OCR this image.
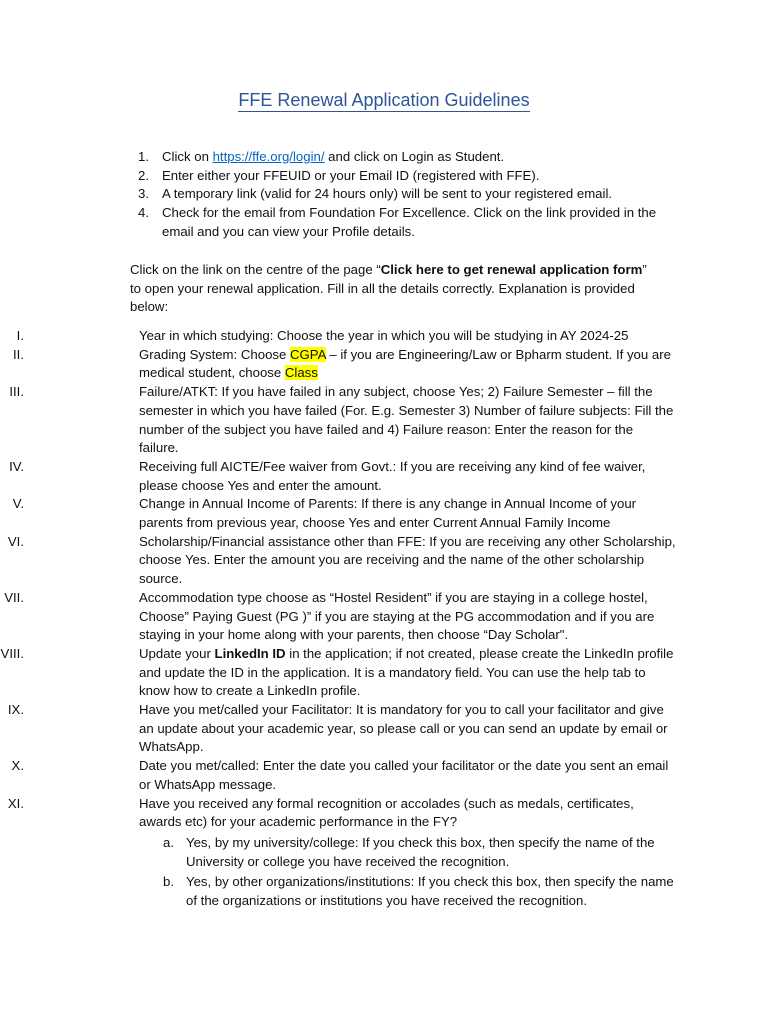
FFE Renewal Application Guidelines
1. Click on https://ffe.org/login/ and click on Login as Student.
2. Enter either your FFEUID or your Email ID (registered with FFE).
3. A temporary link (valid for 24 hours only) will be sent to your registered email.
4. Check for the email from Foundation For Excellence. Click on the link provided in the email and you can view your Profile details.

Click on the link on the centre of the page “Click here to get renewal application form” to open your renewal application. Fill in all the details correctly. Explanation is provided below:

I.	Year in which studying: Choose the year in which you will be studying in AY 2024-25
II.	Grading System: Choose CGPA – if you are Engineering/Law or Bpharm student. If you are medical student, choose Class
III.	Failure/ATKT: If you have failed in any subject, choose Yes; 2) Failure Semester – fill the semester in which you have failed (For. E.g. Semester 3) Number of failure subjects: Fill the number of the subject you have failed and 4) Failure reason: Enter the reason for the failure.
IV.	Receiving full AICTE/Fee waiver from Govt.: If you are receiving any kind of fee waiver, please choose Yes and enter the amount.
V.	Change in Annual Income of Parents: If there is any change in Annual Income of your parents from previous year, choose Yes and enter Current Annual Family Income
VI.	Scholarship/Financial assistance other than FFE: If you are receiving any other Scholarship, choose Yes. Enter the amount you are receiving and the name of the other scholarship source.
VII.	Accommodation type choose as “Hostel Resident” if you are staying in a college hostel, Choose” Paying Guest (PG )” if you are staying at the PG accommodation and if you are staying in your home along with your parents, then choose “Day Scholar".
VIII.	Update your LinkedIn ID in the application; if not created, please create the LinkedIn profile and update the ID in the application. It is a mandatory field. You can use the help tab to know how to create a LinkedIn profile.
IX.	Have you met/called your Facilitator: It is mandatory for you to call your facilitator and give an update about your academic year, so please call or you can send an update by email or WhatsApp.
X.	Date you met/called: Enter the date you called your facilitator or the date you sent an email or WhatsApp message.
XI.	Have you received any formal recognition or accolades (such as medals, certificates, awards etc) for your academic performance in the FY?
a. Yes, by my university/college: If you check this box, then specify the name of the University or college you have received the recognition.
b. Yes, by other organizations/institutions: If you check this box, then specify the name of the organizations or institutions you have received the recognition.
